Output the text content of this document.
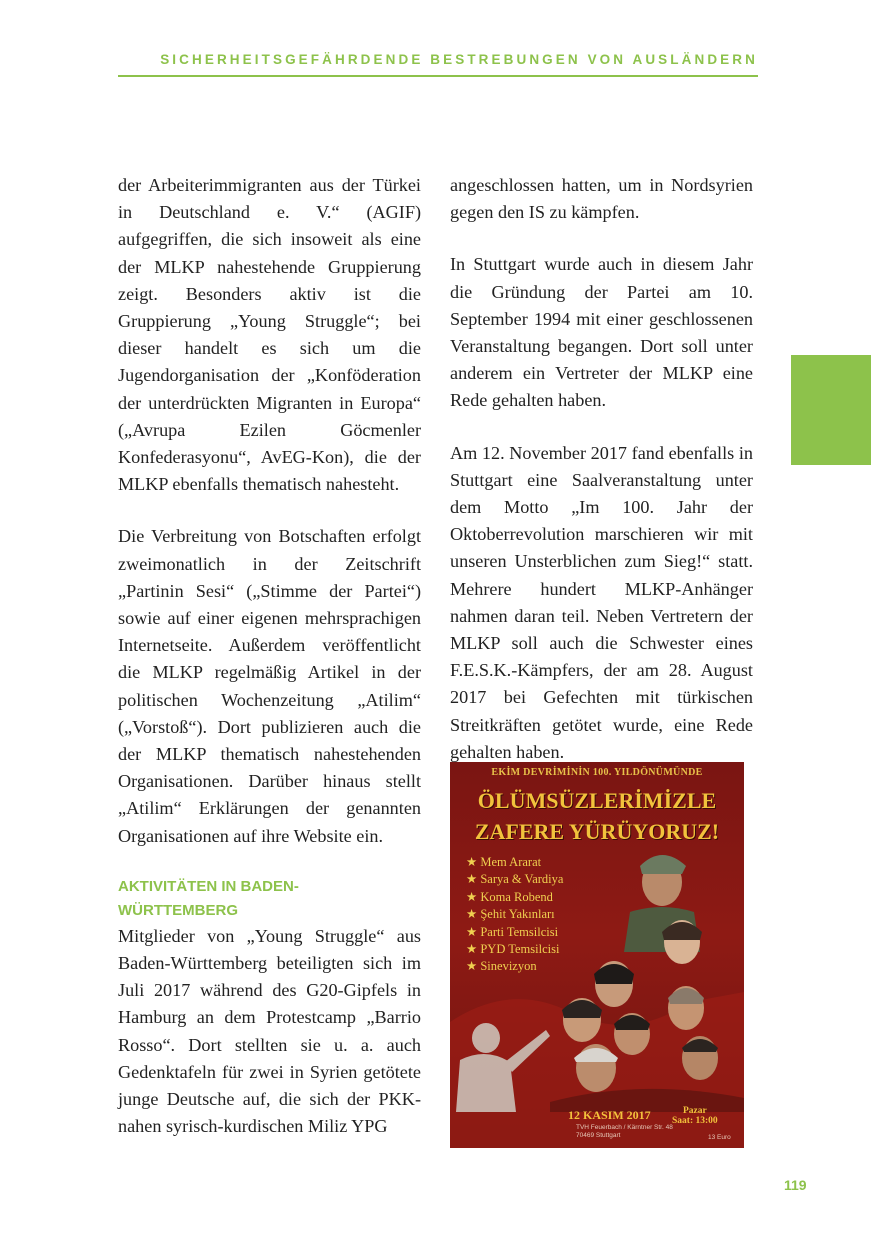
SICHERHEITSGEFÄHRDENDE BESTREBUNGEN VON AUSLÄNDERN

der Arbeiterimmigranten aus der Türkei in Deutschland e. V.“ (AGIF) aufgegriffen, die sich insoweit als eine der MLKP nahestehende Gruppierung zeigt. Besonders aktiv ist die Gruppierung „Young Struggle“; bei dieser handelt es sich um die Jugendorganisation der „Konföderation der unterdrückten Migranten in Europa“ („Avrupa Ezilen Göcmenler Konfederasyonu“, AvEG-Kon), die der MLKP ebenfalls thematisch nahesteht.

Die Verbreitung von Botschaften erfolgt zweimonatlich in der Zeitschrift „Partinin Sesi“ („Stimme der Partei“) sowie auf einer eigenen mehrsprachigen Internetseite. Außerdem veröffentlicht die MLKP regelmäßig Artikel in der politischen Wochenzeitung „Atilim“ („Vorstoß“). Dort publizieren auch die der MLKP thematisch nahestehenden Organisationen. Darüber hinaus stellt „Atilim“ Erklärungen der genannten Organisationen auf ihre Website ein.

AKTIVITÄTEN IN BADEN-
WÜRTTEMBERG

Mitglieder von „Young Struggle“ aus Baden-Württemberg beteiligten sich im Juli 2017 während des G20-Gipfels in Hamburg an dem Protestcamp „Barrio Rosso“. Dort stellten sie u. a. auch Gedenktafeln für zwei in Syrien getötete junge Deutsche auf, die sich der PKK-nahen syrisch-kurdischen Miliz YPG

angeschlossen hatten, um in Nordsyrien gegen den IS zu kämpfen.

In Stuttgart wurde auch in diesem Jahr die Gründung der Partei am 10. September 1994 mit einer geschlossenen Veranstaltung begangen. Dort soll unter anderem ein Vertreter der MLKP eine Rede gehalten haben.

Am 12. November 2017 fand ebenfalls in Stuttgart eine Saalveranstaltung unter dem Motto „Im 100. Jahr der Oktoberrevolution marschieren wir mit unseren Unsterblichen zum Sieg!“ statt. Mehrere hundert MLKP-Anhänger nahmen daran teil. Neben Vertretern der MLKP soll auch die Schwester eines F.E.S.K.-Kämpfers, der am 28. August 2017 bei Gefechten mit türkischen Streitkräften getötet wurde, eine Rede gehalten haben.

EKİM DEVRİMİNİN 100. YILDÖNÜMÜNDE
ÖLÜMSÜZLERİMİZLE
ZAFERE YÜRÜYORUZ!
★ Mem Ararat
★ Sarya & Vardiya
★ Koma Robend
★ Şehit Yakınları
★ Parti Temsilcisi
★ PYD Temsilcisi
★ Sinevizyon
12 KASIM 2017	Pazar
Saat: 13:00
TVH Feuerbach / Kärntner Str. 48
70469 Stuttgart	13 Euro
119
